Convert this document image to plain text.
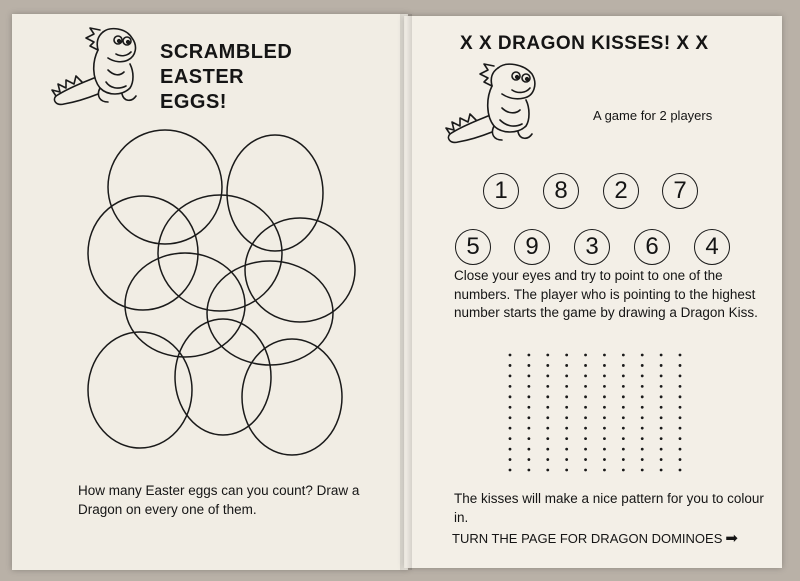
SCRAMBLED
EASTER
EGGS!
How many Easter eggs can you count? Draw a Dragon on every one of them.
X X DRAGON KISSES! X X
A game for 2 players
1	8	2	7
5	9	3	6	4
Close your eyes and try to point to one of the numbers. The player who is pointing to the highest number starts the game by drawing a Dragon Kiss.
The kisses will make a nice pattern for you to colour in.
TURN THE PAGE FOR DRAGON DOMINOES ➡
